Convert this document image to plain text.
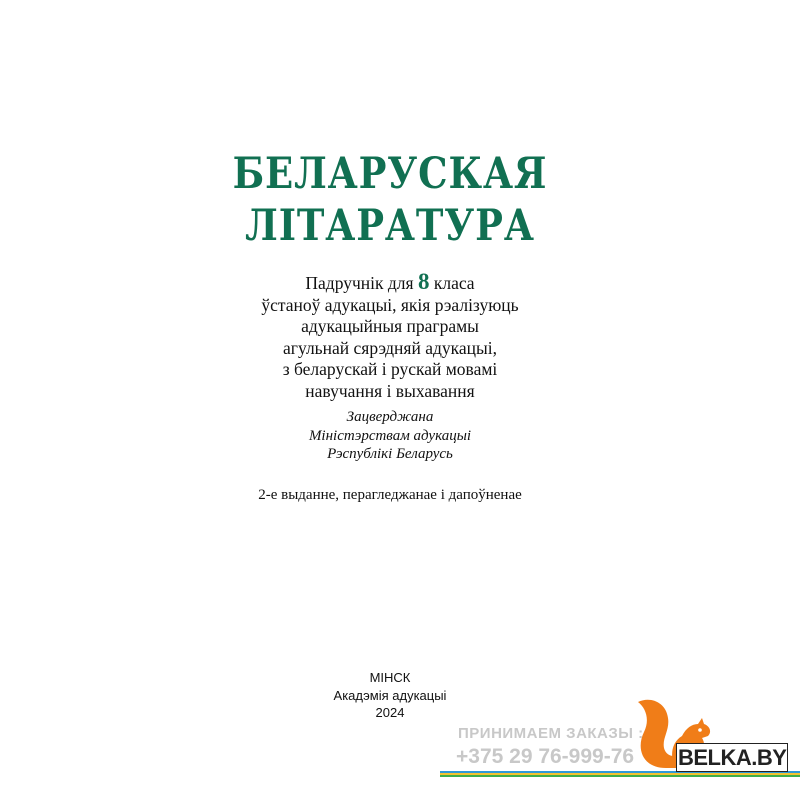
БЕЛАРУСКАЯ
ЛІТАРАТУРА
Падручнік для 8 класа
ўстаноў адукацыі, якія рэалізуюць
адукацыйныя праграмы
агульнай сярэдняй адукацыі,
з беларускай і рускай мовамі
навучання і выхавання
Зацверджана
Міністэрствам адукацыі
Рэспублікі Беларусь
2-е выданне, перагледжанае і дапоўненае
МІНСК
Акадэмія адукацыі
2024
ПРИНИМАЕМ ЗАКАЗЫ :
+375 29 76-999-76	BELKA.BY
